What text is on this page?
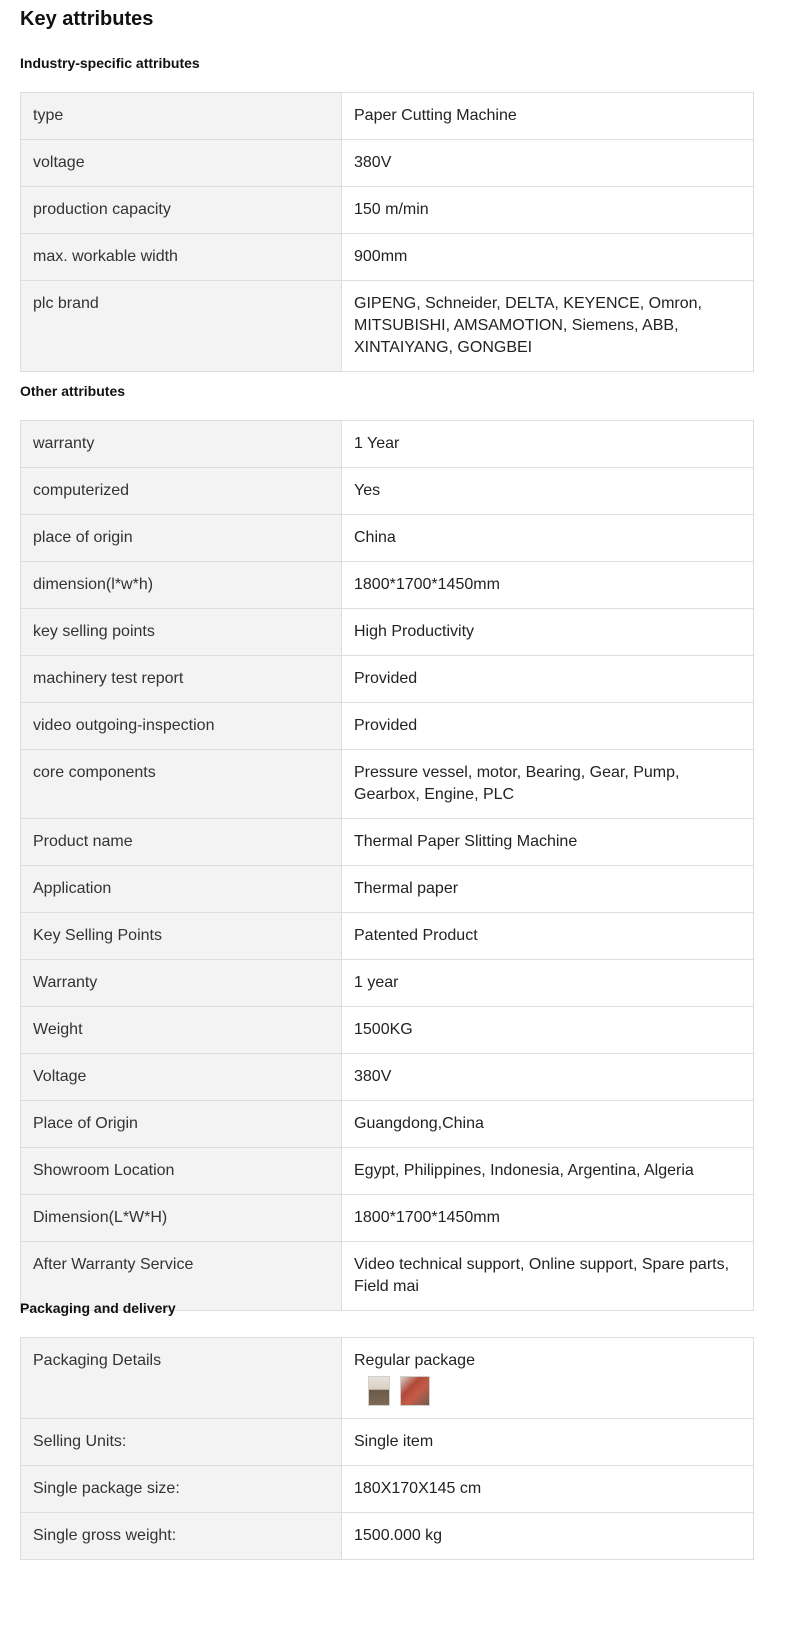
Key attributes
Industry-specific attributes
type	Paper Cutting Machine

voltage	380V

production capacity	150 m/min

max. workable width	900mm

plc brand	GIPENG, Schneider, DELTA, KEYENCE, Omron, MITSUBISHI, AMSAMOTION, Siemens, ABB, XINTAIYANG, GONGBEI
Other attributes
warranty	1 Year

computerized	Yes

place of origin	China

dimension(l*w*h)	1800*1700*1450mm

key selling points	High Productivity

machinery test report	Provided

video outgoing-inspection	Provided

core components	Pressure vessel, motor, Bearing, Gear, Pump, Gearbox, Engine, PLC

Product name	Thermal Paper Slitting Machine

Application	Thermal paper

Key Selling Points	Patented Product

Warranty	1 year

Weight	1500KG

Voltage	380V

Place of Origin	Guangdong,China

Showroom Location	Egypt, Philippines, Indonesia, Argentina, Algeria

Dimension(L*W*H)	1800*1700*1450mm

After Warranty Service	Video technical support, Online support, Spare parts, Field mai
Packaging and delivery
Packaging Details	Regular package

Selling Units:	Single item

Single package size:	180X170X145 cm

Single gross weight:	1500.000 kg
